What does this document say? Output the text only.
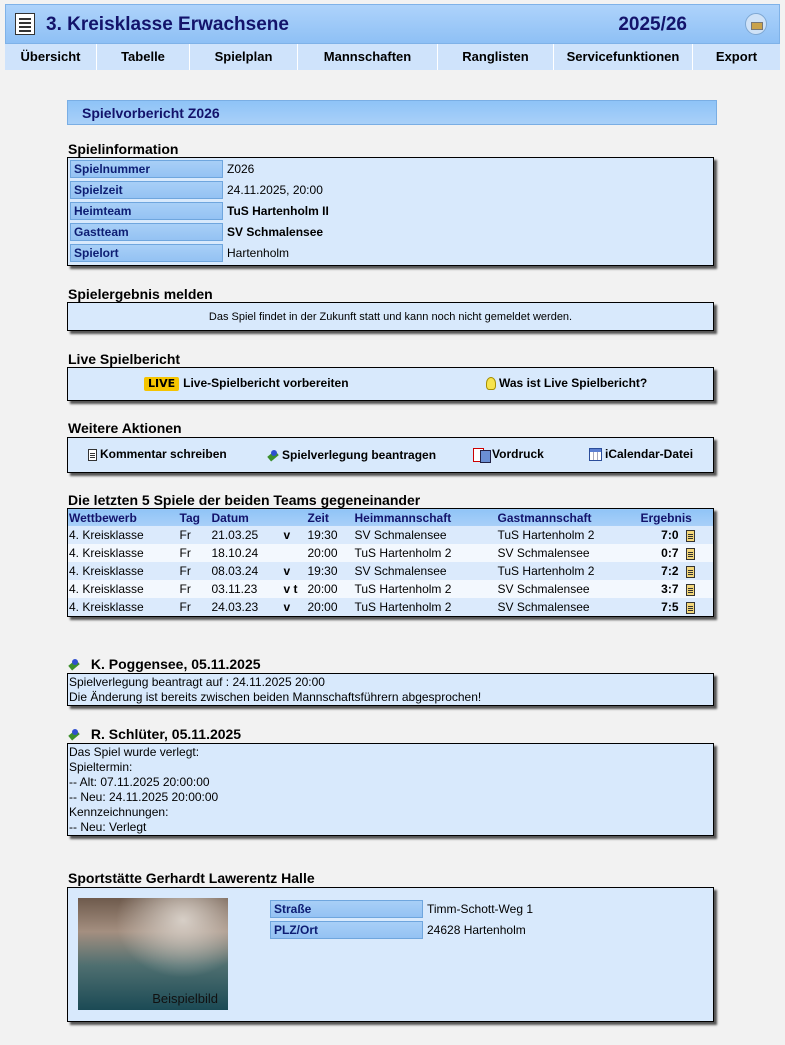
3. Kreisklasse Erwachsene	2025/26
Übersicht	Tabelle	Spielplan	Mannschaften	Ranglisten	Servicefunktionen	Export
Spielvorbericht Z026
Spielinformation
Spielnummer	Z026
Spielzeit	24.11.2025, 20:00
Heimteam	TuS Hartenholm II
Gastteam	SV Schmalensee
Spielort	Hartenholm
Spielergebnis melden
Das Spiel findet in der Zukunft statt und kann noch nicht gemeldet werden.
Live Spielbericht
LIVE Live-Spielbericht vorbereiten	Was ist Live Spielbericht?
Weitere Aktionen
Kommentar schreiben	Spielverlegung beantragen	Vordruck	iCalendar-Datei
Die letzten 5 Spiele der beiden Teams gegeneinander
Wettbewerb	Tag	Datum		Zeit	Heimmannschaft	Gastmannschaft	Ergebnis	
4. Kreisklasse	Fr	21.03.25	v	19:30	SV Schmalensee	TuS Hartenholm 2	7:0	
4. Kreisklasse	Fr	18.10.24		20:00	TuS Hartenholm 2	SV Schmalensee	0:7	
4. Kreisklasse	Fr	08.03.24	v	19:30	SV Schmalensee	TuS Hartenholm 2	7:2	
4. Kreisklasse	Fr	03.11.23	v t	20:00	TuS Hartenholm 2	SV Schmalensee	3:7	
4. Kreisklasse	Fr	24.03.23	v	20:00	TuS Hartenholm 2	SV Schmalensee	7:5	
K. Poggensee, 05.11.2025
Spielverlegung beantragt auf : 24.11.2025 20:00
Die Änderung ist bereits zwischen beiden Mannschaftsführern abgesprochen!
R. Schlüter, 05.11.2025
Das Spiel wurde verlegt:
Spieltermin:
-- Alt: 07.11.2025 20:00:00
-- Neu: 24.11.2025 20:00:00
Kennzeichnungen:
-- Neu: Verlegt
Sportstätte Gerhardt Lawerentz Halle
Beispielbild
Straße	Timm-Schott-Weg 1
PLZ/Ort	24628 Hartenholm
